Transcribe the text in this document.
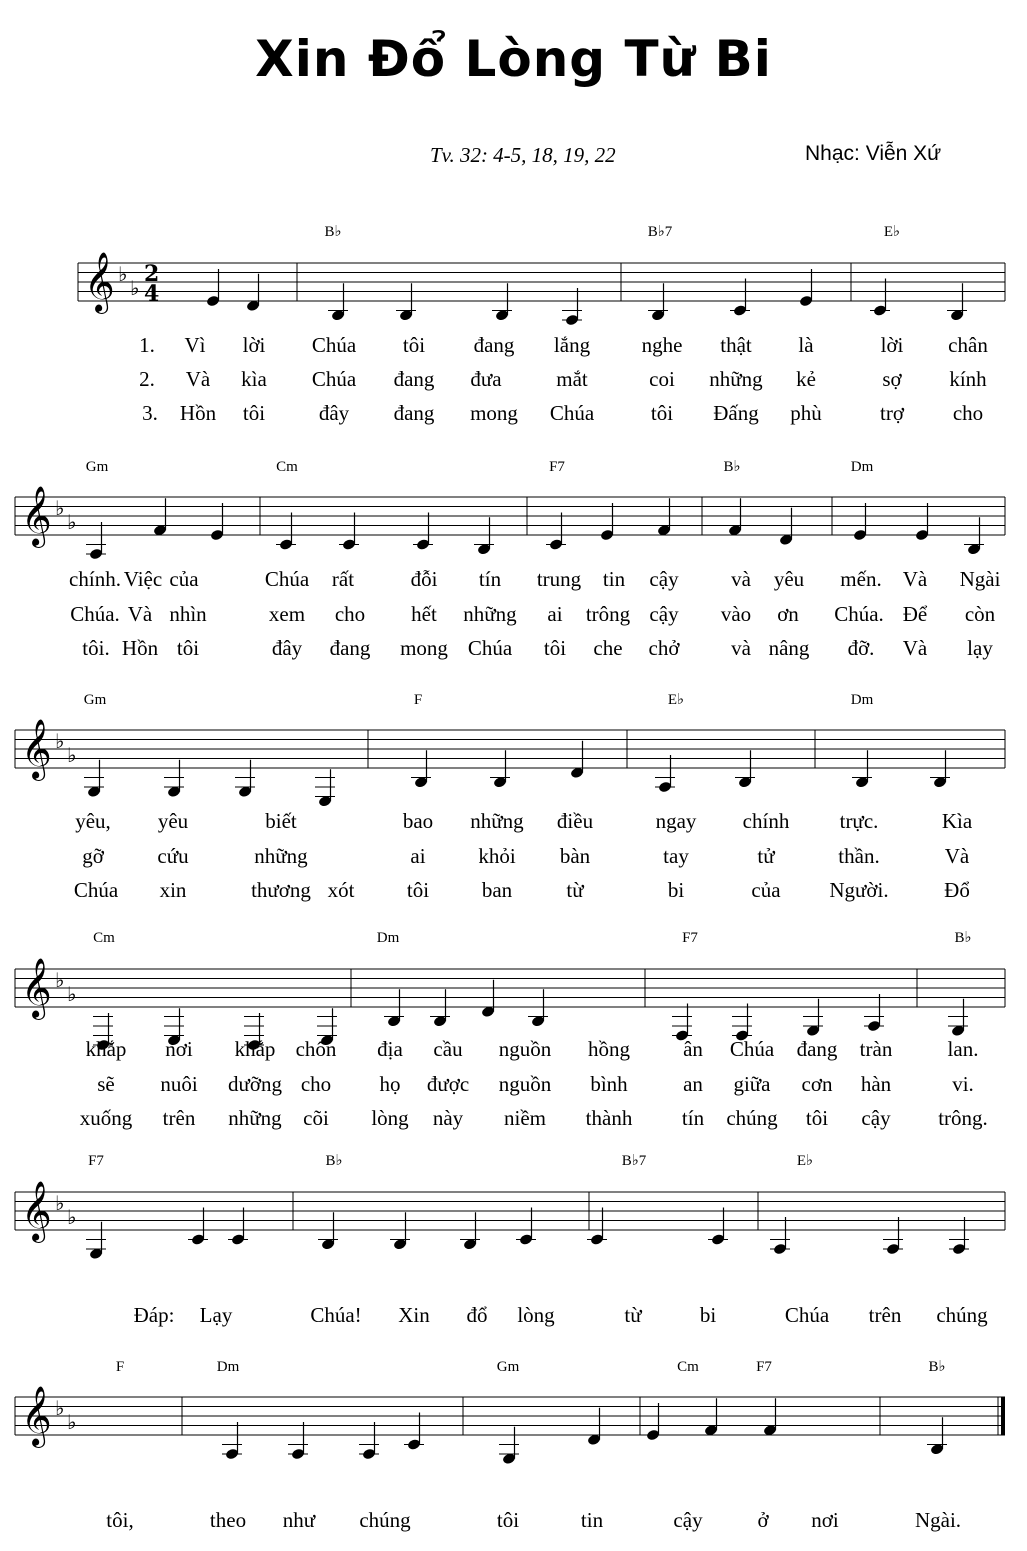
Xin Đổ Lòng Từ Bi
Tv. 32: 4-5, 18, 19, 22	Nhạc: Viễn Xứ
𝄞 ♭
♭
2
4
B♭	B♭7	E♭
1. Vì lời Chúa tôi đang lắng nghe thật là	lời chân
2. Và kìa Chúa đang đưa	mắt	coi những kẻ	sợ kính
3. Hồn tôi	đây đang mong Chúa	tôi Đấng phù	trợ cho
𝄞 ♭
♭
Gm	Cm	F7	B♭	Dm
chính. Việc của	Chúa rất	đỗi tín trung tin cậy	và yêu mến. Và Ngài
Chúa. Và nhìn	xem cho hết những ai trông cậy vào ơn Chúa. Để còn
tôi. Hồn tôi	đây đang mong Chúa tôi che chở và nâng đỡ. Và lạy
𝄞 ♭
♭
Gm	F	E♭	Dm
yêu, yêu	biết	bao những điều	ngay chính trực.	Kìa
gỡ	cứu	những	ai	khỏi bàn	tay	tử	thần.	Và
Chúa xin	thương xót tôi	ban	từ	bi	của Người.	Đổ
𝄞 ♭
♭
Cm	Dm	F7	B♭
khắp nơi khắp chốn địa cầu nguồn hồng	ân Chúa đang tràn	lan.
sẽ nuôi dưỡng cho họ được nguồn bình	an giữa cơn hàn	vi.
xuống trên những cõi lòng này niềm thành tín chúng tôi cậy trông.
𝄞 ♭
♭
F7	B♭	B♭7	E♭
Đáp: Lạy	Chúa! Xin đổ lòng	từ	bi	Chúa trên chúng
𝄞 ♭
♭
F	Dm	Gm	Cm	F7	B♭
tôi,	theo như chúng	tôi	tin	cậy	ở nơi	Ngài.
